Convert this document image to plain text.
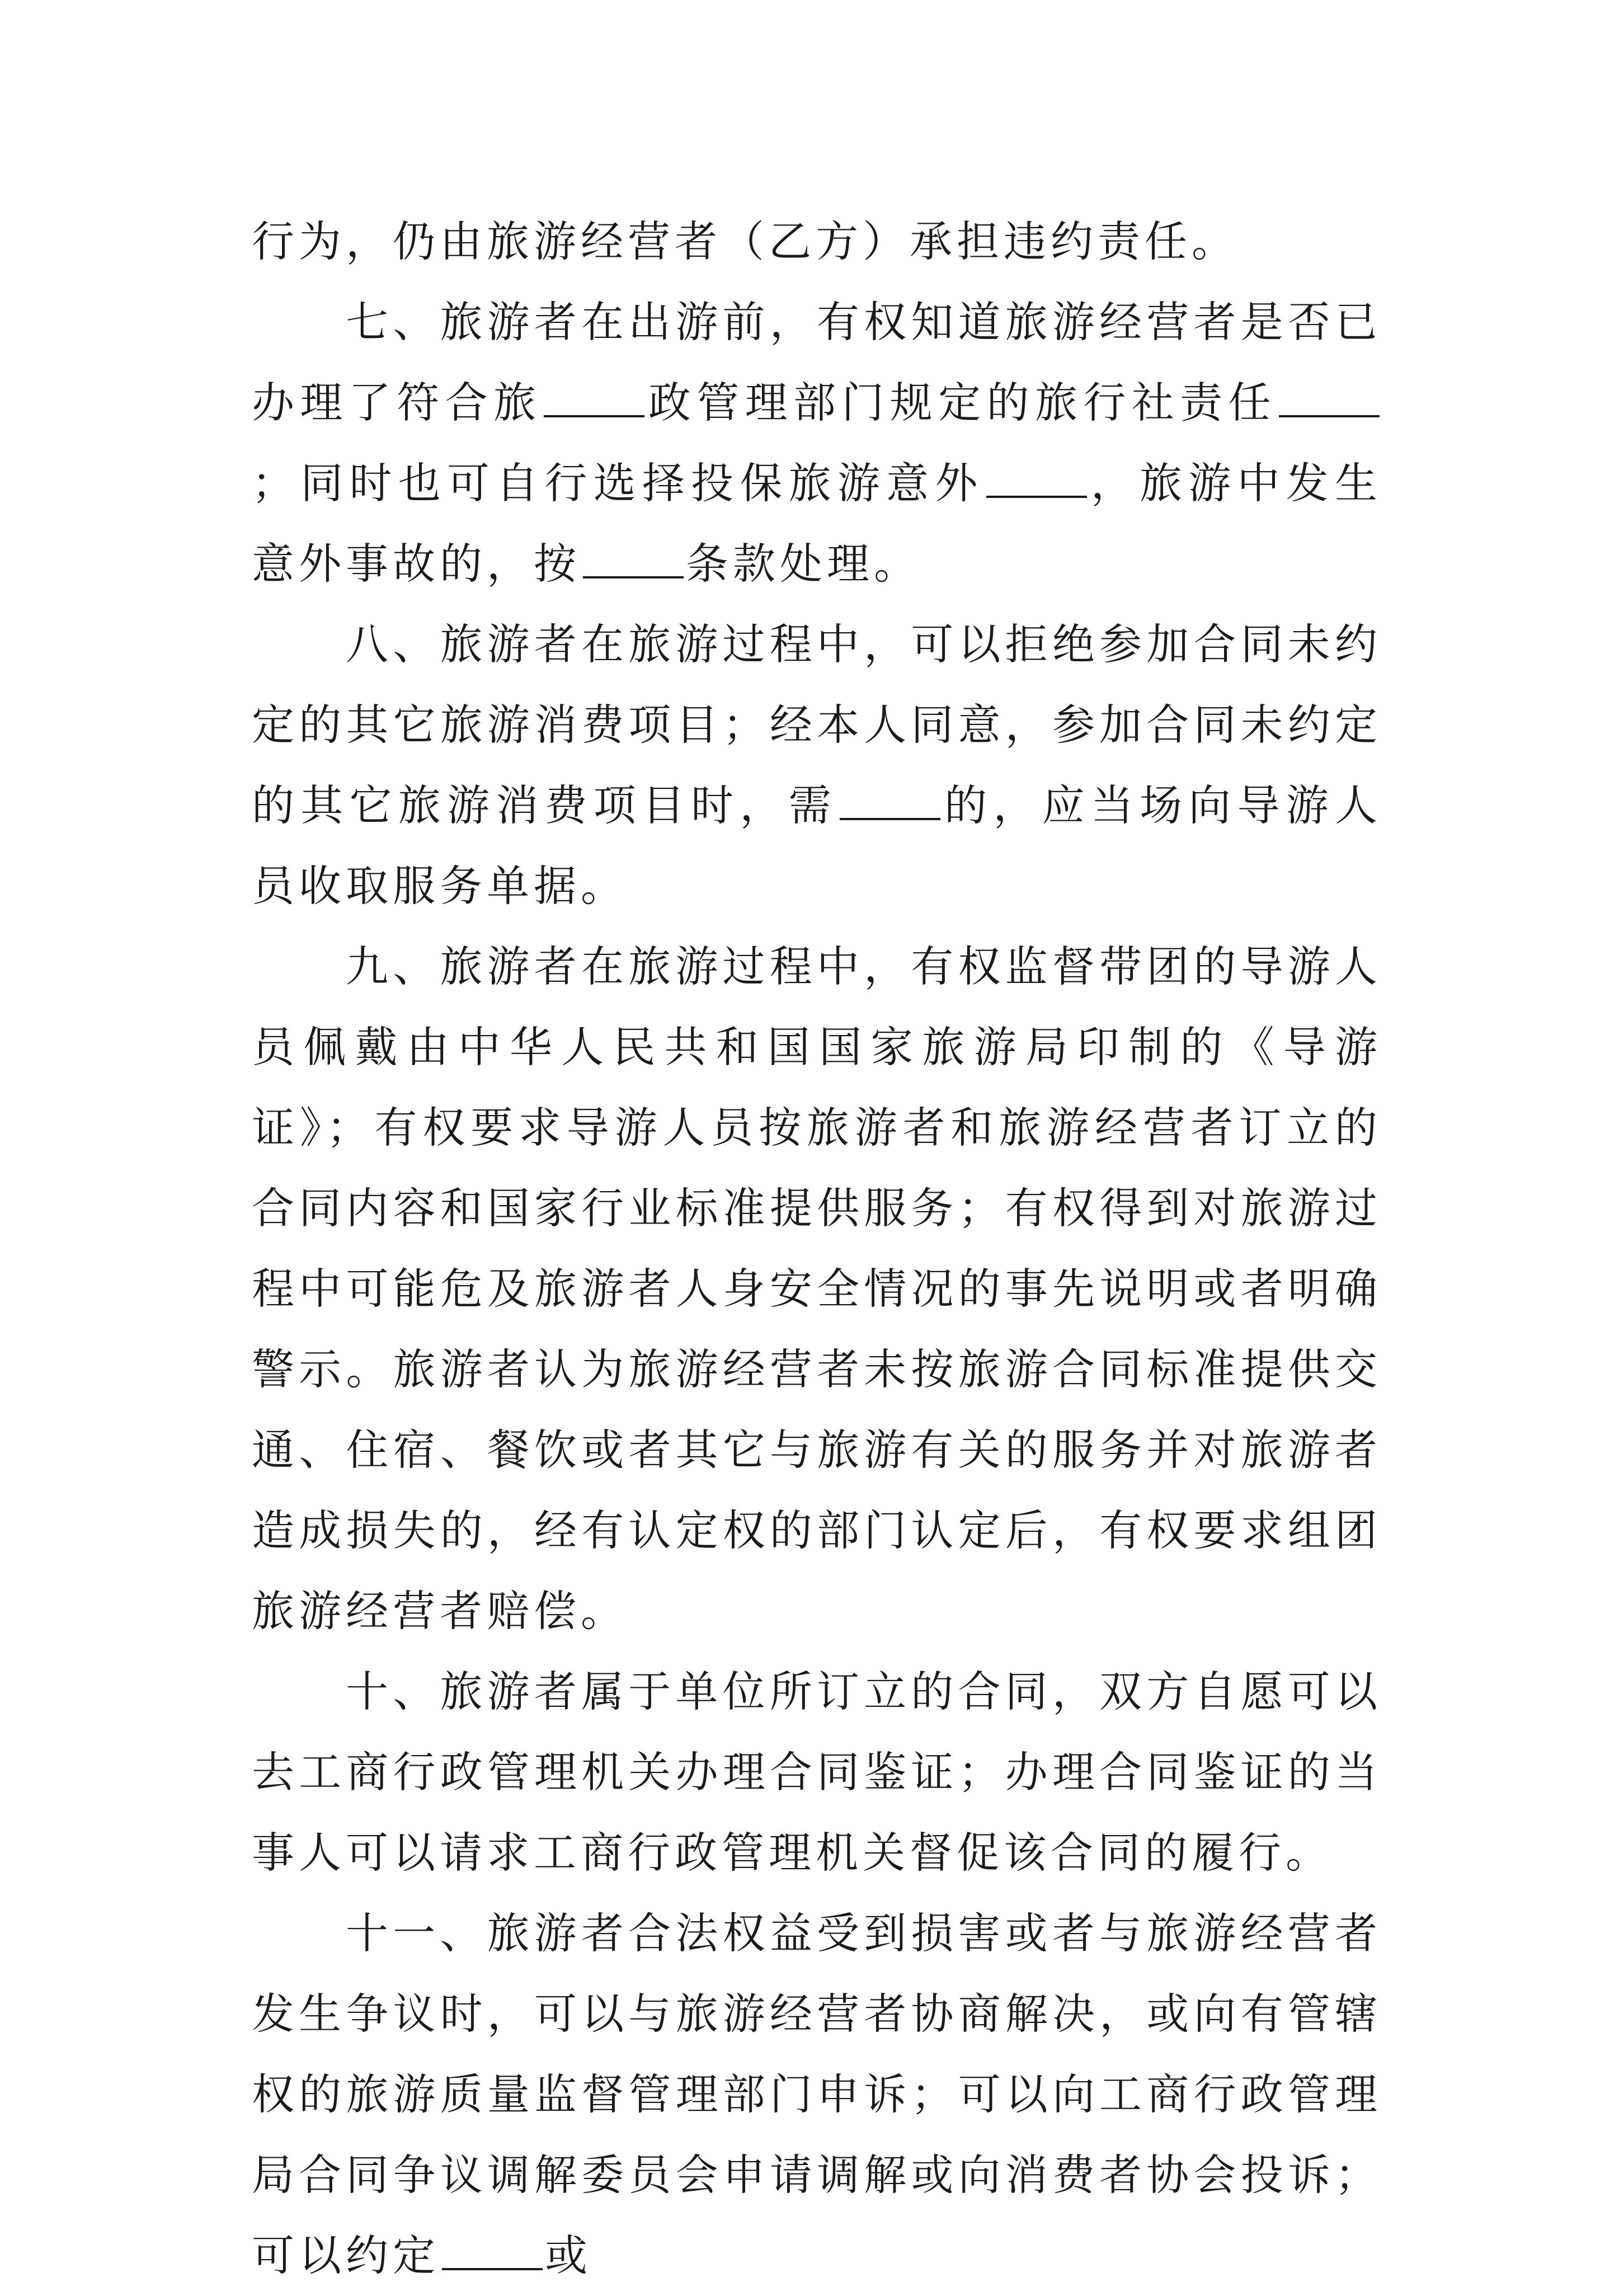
行为，仍由旅游经营者（乙方）承担违约责任。

七、旅游者在出游前，有权知道旅游经营者是否已办理了符合旅 政管理部门规定的旅行社责任；同时也可自行选择投保旅游意外 ，旅游中发生意外事故的，按 条款处理。

八、旅游者在旅游过程中，可以拒绝参加合同未约定的其它旅游消费项目；经本人同意，参加合同未约定的其它旅游消费项目时，需 的，应当场向导游人员收取服务单据。

九、旅游者在旅游过程中，有权监督带团的导游人员佩戴由中华人民共和国国家旅游局印制的《导游证》；有权要求导游人员按旅游者和旅游经营者订立的合同内容和国家行业标准提供服务；有权得到对旅游过程中可能危及旅游者人身安全情况的事先说明或者明确警示。旅游者认为旅游经营者未按旅游合同标准提供交通、住宿、餐饮或者其它与旅游有关的服务并对旅游者造成损失的，经有认定权的部门认定后，有权要求组团旅游经营者赔偿。

十、旅游者属于单位所订立的合同，双方自愿可以去工商行政管理机关办理合同鉴证；办理合同鉴证的当事人可以请求工商行政管理机关督促该合同的履行。

十一、旅游者合法权益受到损害或者与旅游经营者发生争议时，可以与旅游经营者协商解决，或向有管辖权的旅游质量监督管理部门申诉；可以向工商行政管理局合同争议调解委员会申请调解或向消费者协会投诉；可以约定 或
